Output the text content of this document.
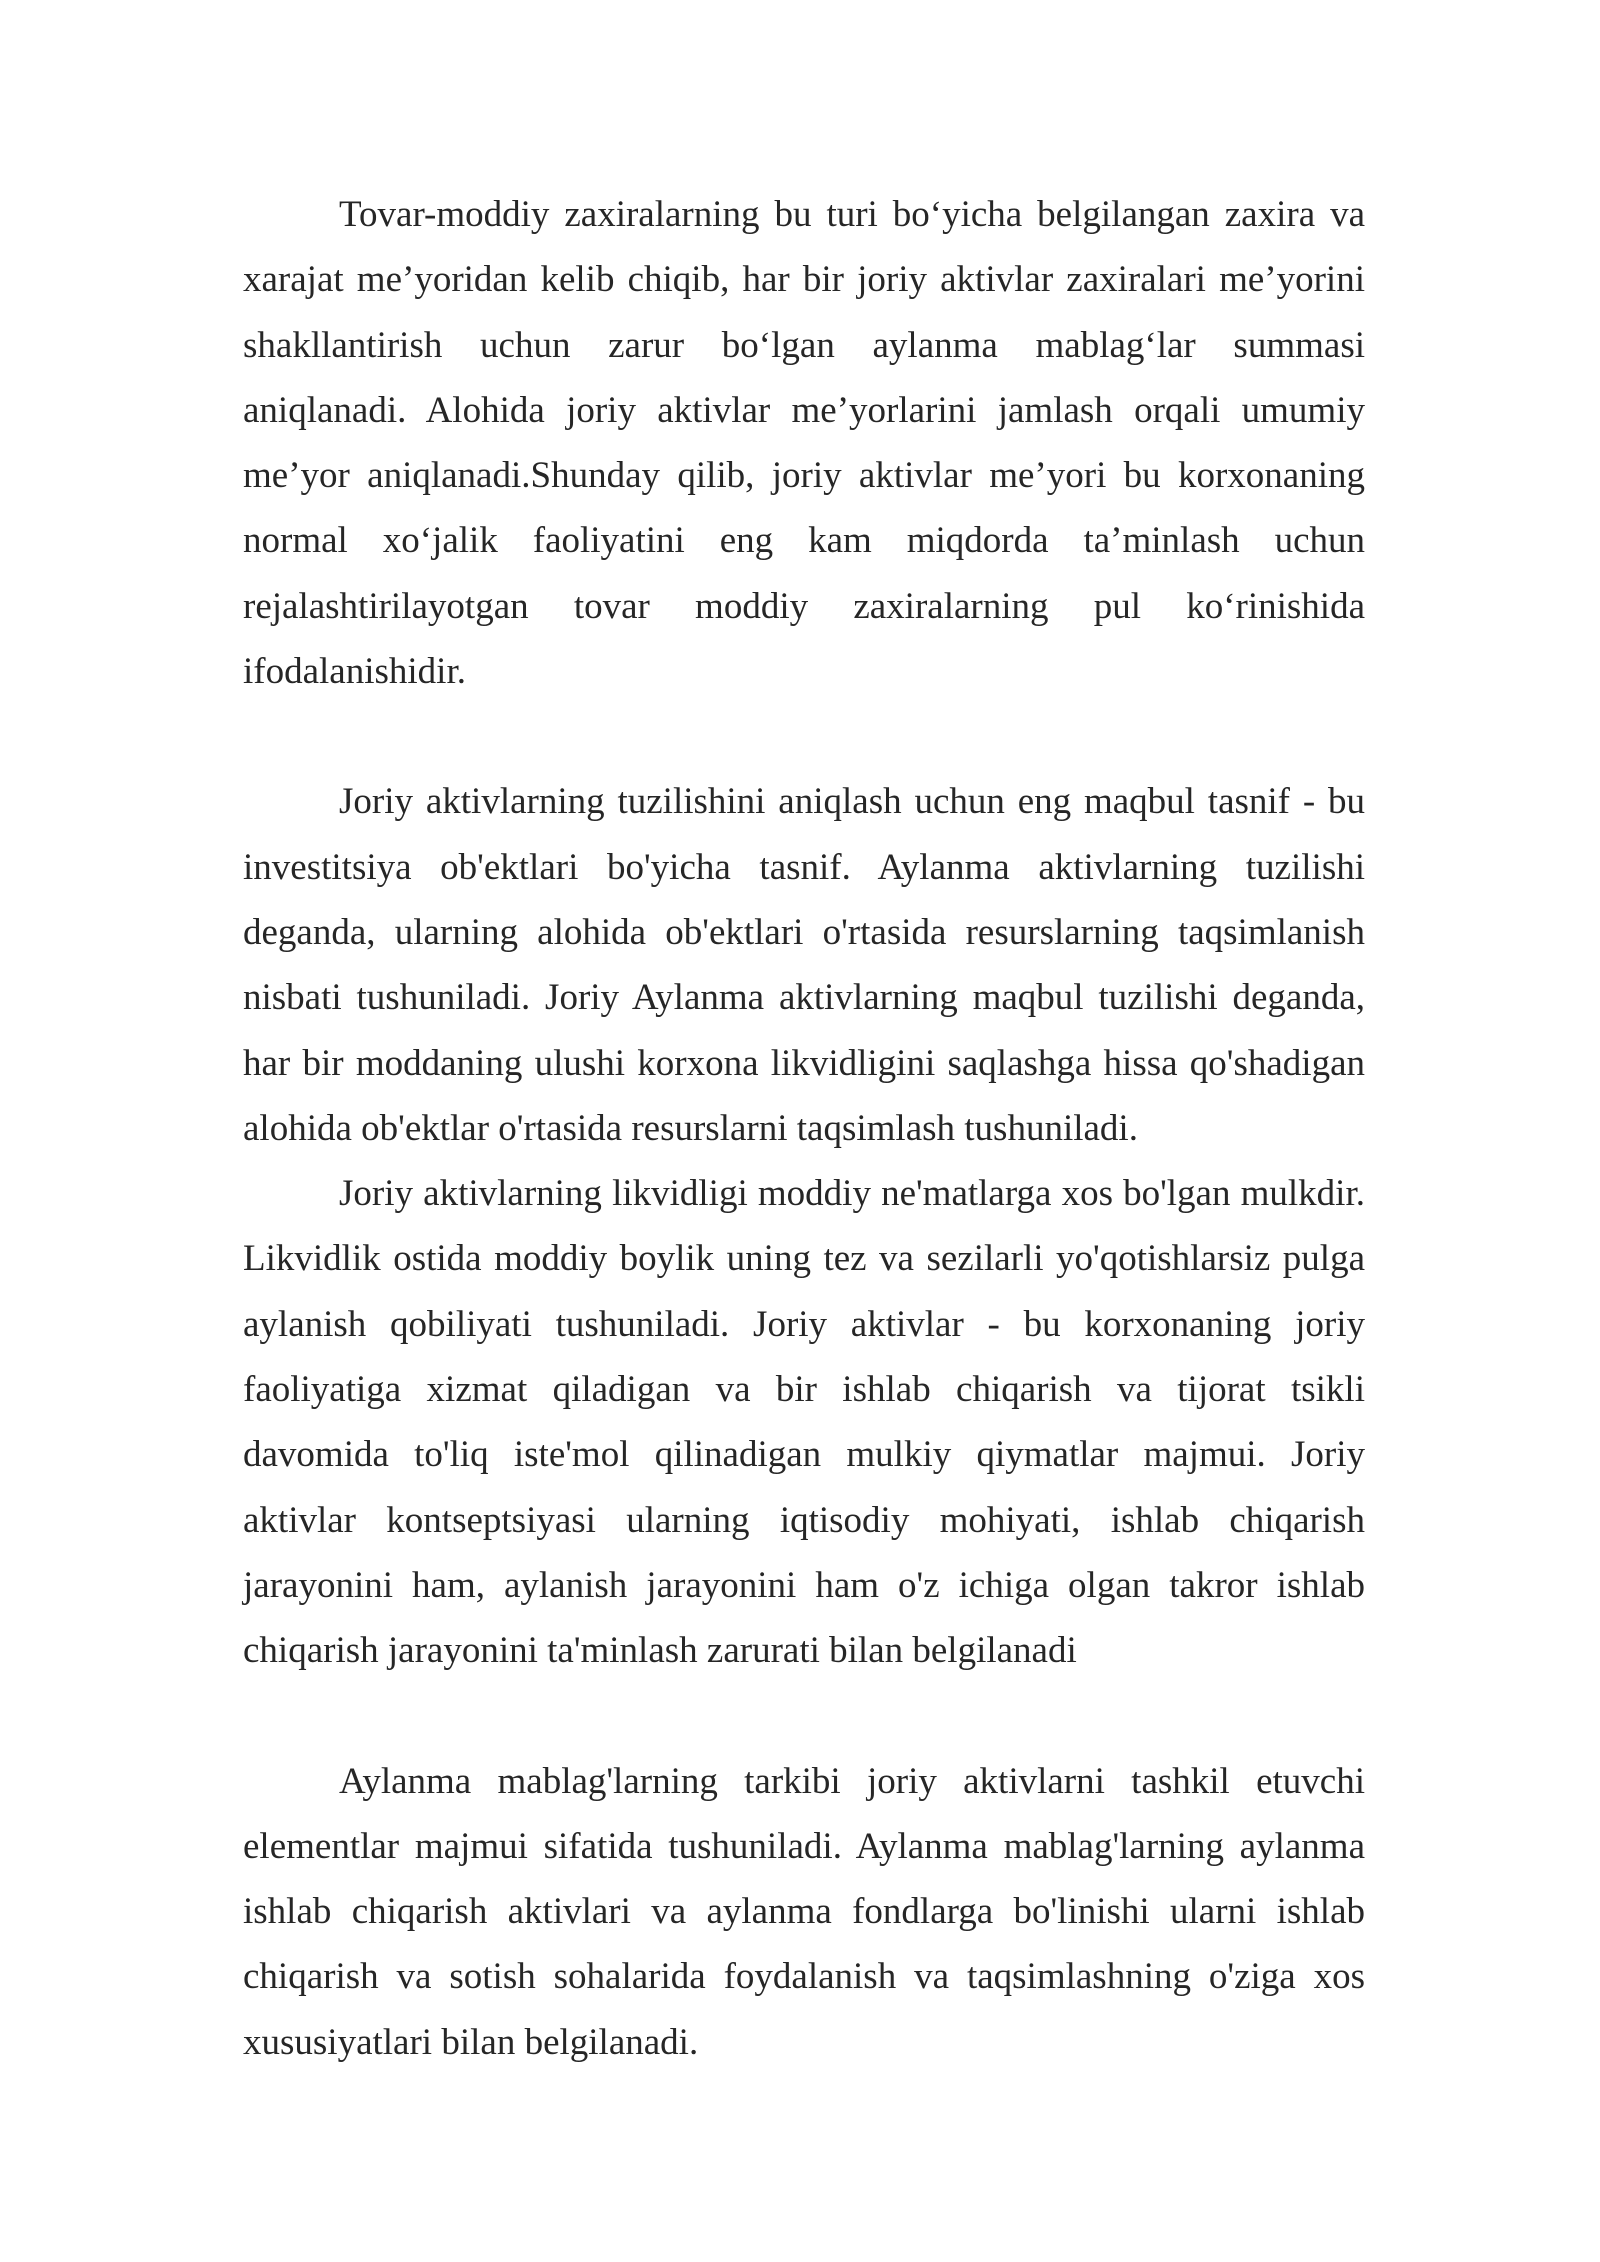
Tovar-moddiy zaxiralarning bu turi bo‘yicha belgilangan zaxira va xarajat me’yoridan kelib chiqib, har bir joriy aktivlar zaxiralari me’yorini shakllantirish uchun zarur bo‘lgan aylanma mablag‘lar summasi aniqlanadi. Alohida joriy aktivlar me’yorlarini jamlash orqali umumiy me’yor aniqlanadi.Shunday qilib, joriy aktivlar me’yori bu korxonaning normal xo‘jalik faoliyatini eng kam miqdorda ta’minlash uchun rejalashtirilayotgan tovar moddiy zaxiralarning pul ko‘rinishida ifodalanishidir.

Joriy aktivlarning tuzilishini aniqlash uchun eng maqbul tasnif - bu investitsiya ob'ektlari bo'yicha tasnif. Aylanma aktivlarning tuzilishi deganda, ularning alohida ob'ektlari o'rtasida resurslarning taqsimlanish nisbati tushuniladi. Joriy Aylanma aktivlarning maqbul tuzilishi deganda, har bir moddaning ulushi korxona likvidligini saqlashga hissa qo'shadigan alohida ob'ektlar o'rtasida resurslarni taqsimlash tushuniladi.

Joriy aktivlarning likvidligi moddiy ne'matlarga xos bo'lgan mulkdir. Likvidlik ostida moddiy boylik uning tez va sezilarli yo'qotishlarsiz pulga aylanish qobiliyati tushuniladi. Joriy aktivlar - bu korxonaning joriy faoliyatiga xizmat qiladigan va bir ishlab chiqarish va tijorat tsikli davomida to'liq iste'mol qilinadigan mulkiy qiymatlar majmui. Joriy aktivlar kontseptsiyasi ularning iqtisodiy mohiyati, ishlab chiqarish jarayonini ham, aylanish jarayonini ham o'z ichiga olgan takror ishlab chiqarish jarayonini ta'minlash zarurati bilan belgilanadi

Aylanma mablag'larning tarkibi joriy aktivlarni tashkil etuvchi elementlar majmui sifatida tushuniladi. Aylanma mablag'larning aylanma ishlab chiqarish aktivlari va aylanma fondlarga bo'linishi ularni ishlab chiqarish va sotish sohalarida foydalanish va taqsimlashning o'ziga xos xususiyatlari bilan belgilanadi.
